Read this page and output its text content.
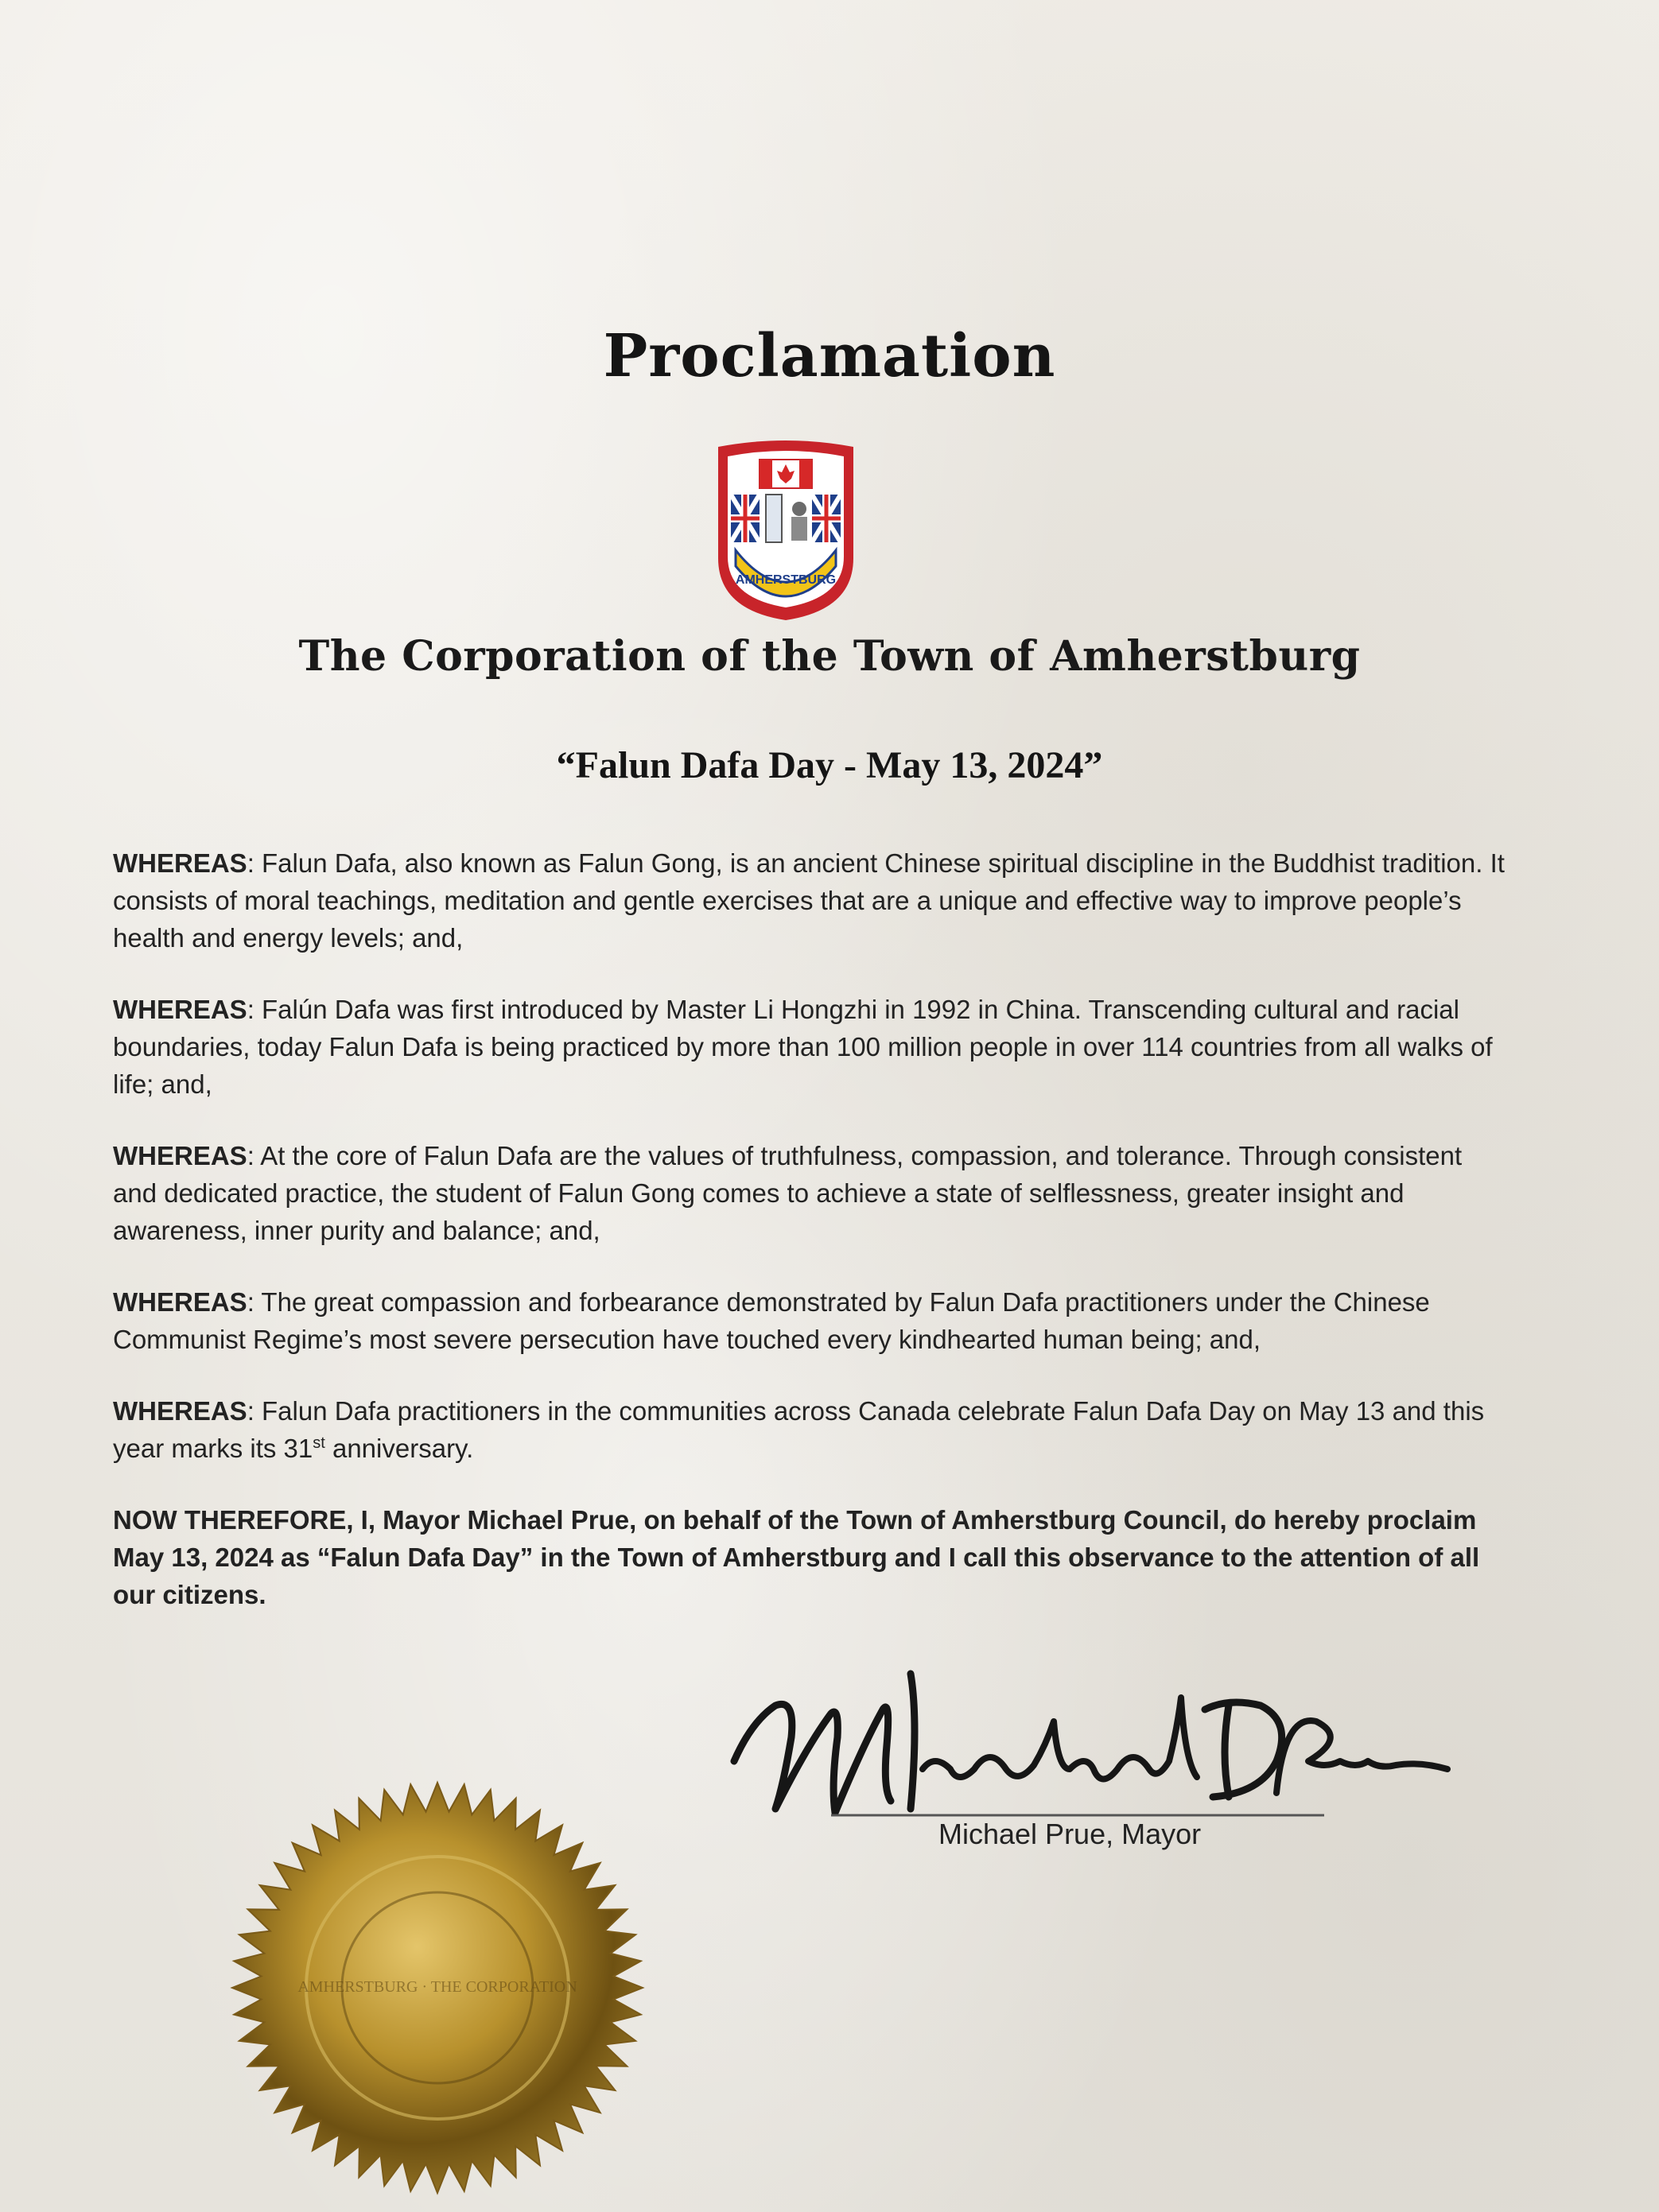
Proclamation
AMHERSTBURG
The Corporation of the Town of Amherstburg
“Falun Dafa Day - May 13, 2024”

WHEREAS: Falun Dafa, also known as Falun Gong, is an ancient Chinese spiritual discipline in the Buddhist tradition. It consists of moral teachings, meditation and gentle exercises that are a unique and effective way to improve people’s health and energy levels; and,

WHEREAS: Falún Dafa was first introduced by Master Li Hongzhi in 1992 in China. Transcending cultural and racial boundaries, today Falun Dafa is being practiced by more than 100 million people in over 114 countries from all walks of life; and,

WHEREAS: At the core of Falun Dafa are the values of truthfulness, compassion, and tolerance. Through consistent and dedicated practice, the student of Falun Gong comes to achieve a state of selflessness, greater insight and awareness, inner purity and balance; and,

WHEREAS: The great compassion and forbearance demonstrated by Falun Dafa practitioners under the Chinese Communist Regime’s most severe persecution have touched every kindhearted human being; and,

WHEREAS: Falun Dafa practitioners in the communities across Canada celebrate Falun Dafa Day on May 13 and this year marks its 31st anniversary.

NOW THEREFORE, I, Mayor Michael Prue, on behalf of the Town of Amherstburg Council, do hereby proclaim May 13, 2024 as “Falun Dafa Day” in the Town of Amherstburg and I call this observance to the attention of all our citizens.

Michael D Prue
Michael Prue, Mayor
AMHERSTBURG · THE CORPORATION
